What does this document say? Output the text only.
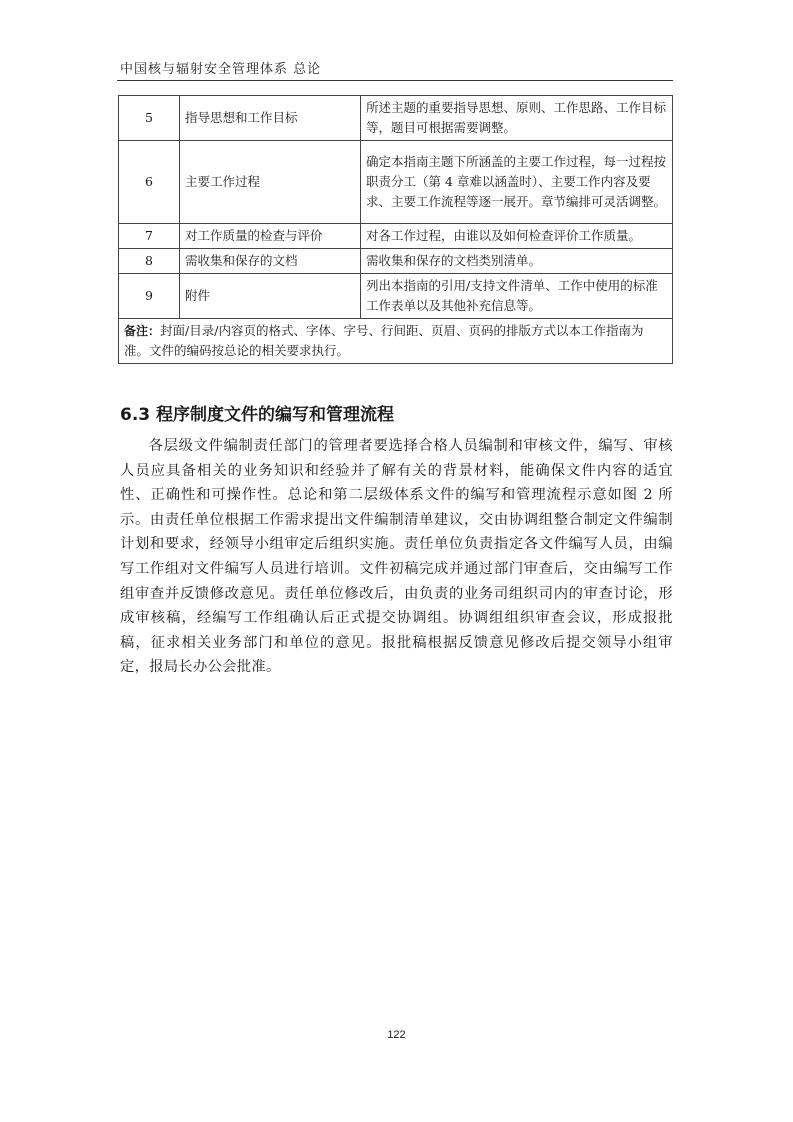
中国核与辐射安全管理体系 总论
5	指导思想和工作目标	所述主题的重要指导思想、原则、工作思路、工作目标等，题目可根据需要调整。
6	主要工作过程	确定本指南主题下所涵盖的主要工作过程，每一过程按职责分工（第 4 章难以涵盖时）、主要工作内容及要求、主要工作流程等逐一展开。章节编排可灵活调整。
7	对工作质量的检查与评价	对各工作过程，由谁以及如何检查评价工作质量。
8	需收集和保存的文档	需收集和保存的文档类别清单。
9	附件	列出本指南的引用/支持文件清单、工作中使用的标准工作表单以及其他补充信息等。
备注：封面/目录/内容页的格式、字体、字号、行间距、页眉、页码的排版方式以本工作指南为准。文件的编码按总论的相关要求执行。		
6.3 程序制度文件的编写和管理流程

各层级文件编制责任部门的管理者要选择合格人员编制和审核文件，编写、审核人员应具备相关的业务知识和经验并了解有关的背景材料，能确保文件内容的适宜性、正确性和可操作性。总论和第二层级体系文件的编写和管理流程示意如图 2 所示。由责任单位根据工作需求提出文件编制清单建议，交由协调组整合制定文件编制计划和要求，经领导小组审定后组织实施。责任单位负责指定各文件编写人员，由编写工作组对文件编写人员进行培训。文件初稿完成并通过部门审查后，交由编写工作组审查并反馈修改意见。责任单位修改后，由负责的业务司组织司内的审查讨论，形成审核稿，经编写工作组确认后正式提交协调组。协调组组织审查会议，形成报批稿，征求相关业务部门和单位的意见。报批稿根据反馈意见修改后提交领导小组审定，报局长办公会批准。

122
